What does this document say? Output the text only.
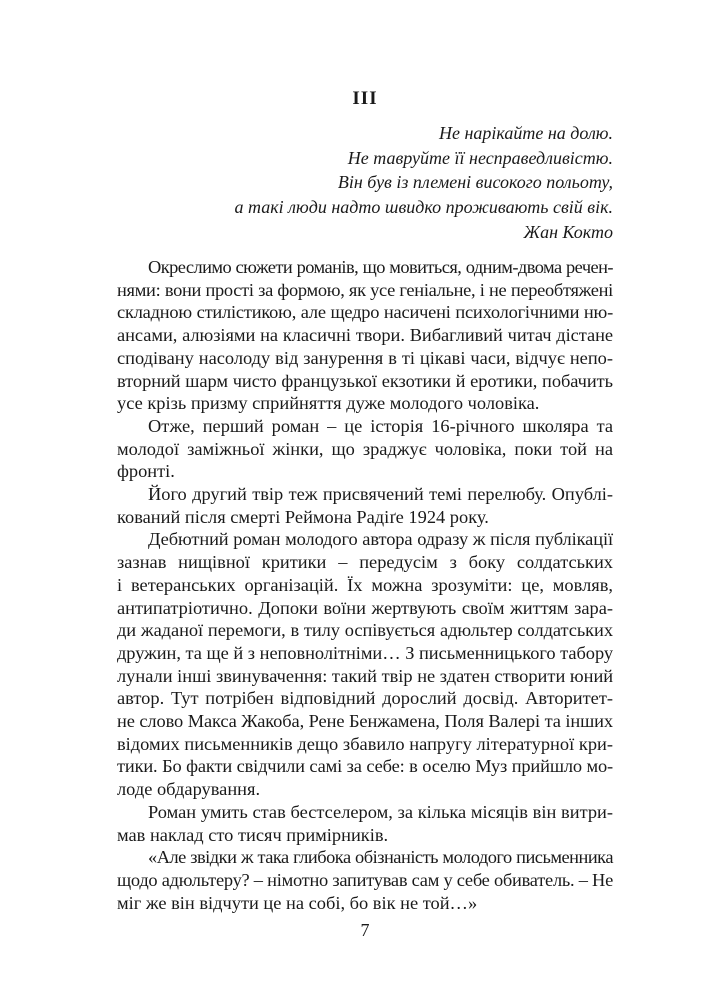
III
Не нарікайте на долю.
Не тавруйте її несправедливістю.
Він був із племені високого польоту,
а такі люди надто швидко проживають свій вік.
Жан Кокто
Окреслимо сюжети романів, що мовиться, одним-двома речен-
нями: вони прості за формою, як усе геніальне, і не переобтяжені
складною стилістикою, але щедро насичені психологічними ню-
ансами, алюзіями на класичні твори. Вибагливий читач дістане
сподівану насолоду від занурення в ті цікаві часи, відчує непо-
вторний шарм чисто французької екзотики й еротики, побачить
усе крізь призму сприйняття дуже молодого чоловіка.
Отже, перший роман – це історія 16-річного школяра та
молодої заміжньої жінки, що зраджує чоловіка, поки той на
фронті.
Його другий твір теж присвячений темі перелюбу. Опублі-
кований після смерті Реймона Радіґе 1924 року.
Дебютний роман молодого автора одразу ж після публікації
зазнав нищівної критики – передусім з боку солдатських
і ветеранських організацій. Їх можна зрозуміти: це, мовляв,
антипатріотично. Допоки воїни жертвують своїм життям зара-
ди жаданої перемоги, в тилу оспівується адюльтер солдатських
дружин, та ще й з неповнолітніми… З письменницького табору
лунали інші звинувачення: такий твір не здатен створити юний
автор. Тут потрібен відповідний дорослий досвід. Авторитет-
не слово Макса Жакоба, Рене Бенжамена, Поля Валері та інших
відомих письменників дещо збавило напругу літературної кри-
тики. Бо факти свідчили самі за себе: в оселю Муз прийшло мо-
лоде обдарування.
Роман умить став бестселером, за кілька місяців він витри-
мав наклад сто тисяч примірників.
«Але звідки ж така глибока обізнаність молодого письменника
щодо адюльтеру? – німотно запитував сам у себе обиватель. – Не
міг же він відчути це на собі, бо вік не той…»
7
